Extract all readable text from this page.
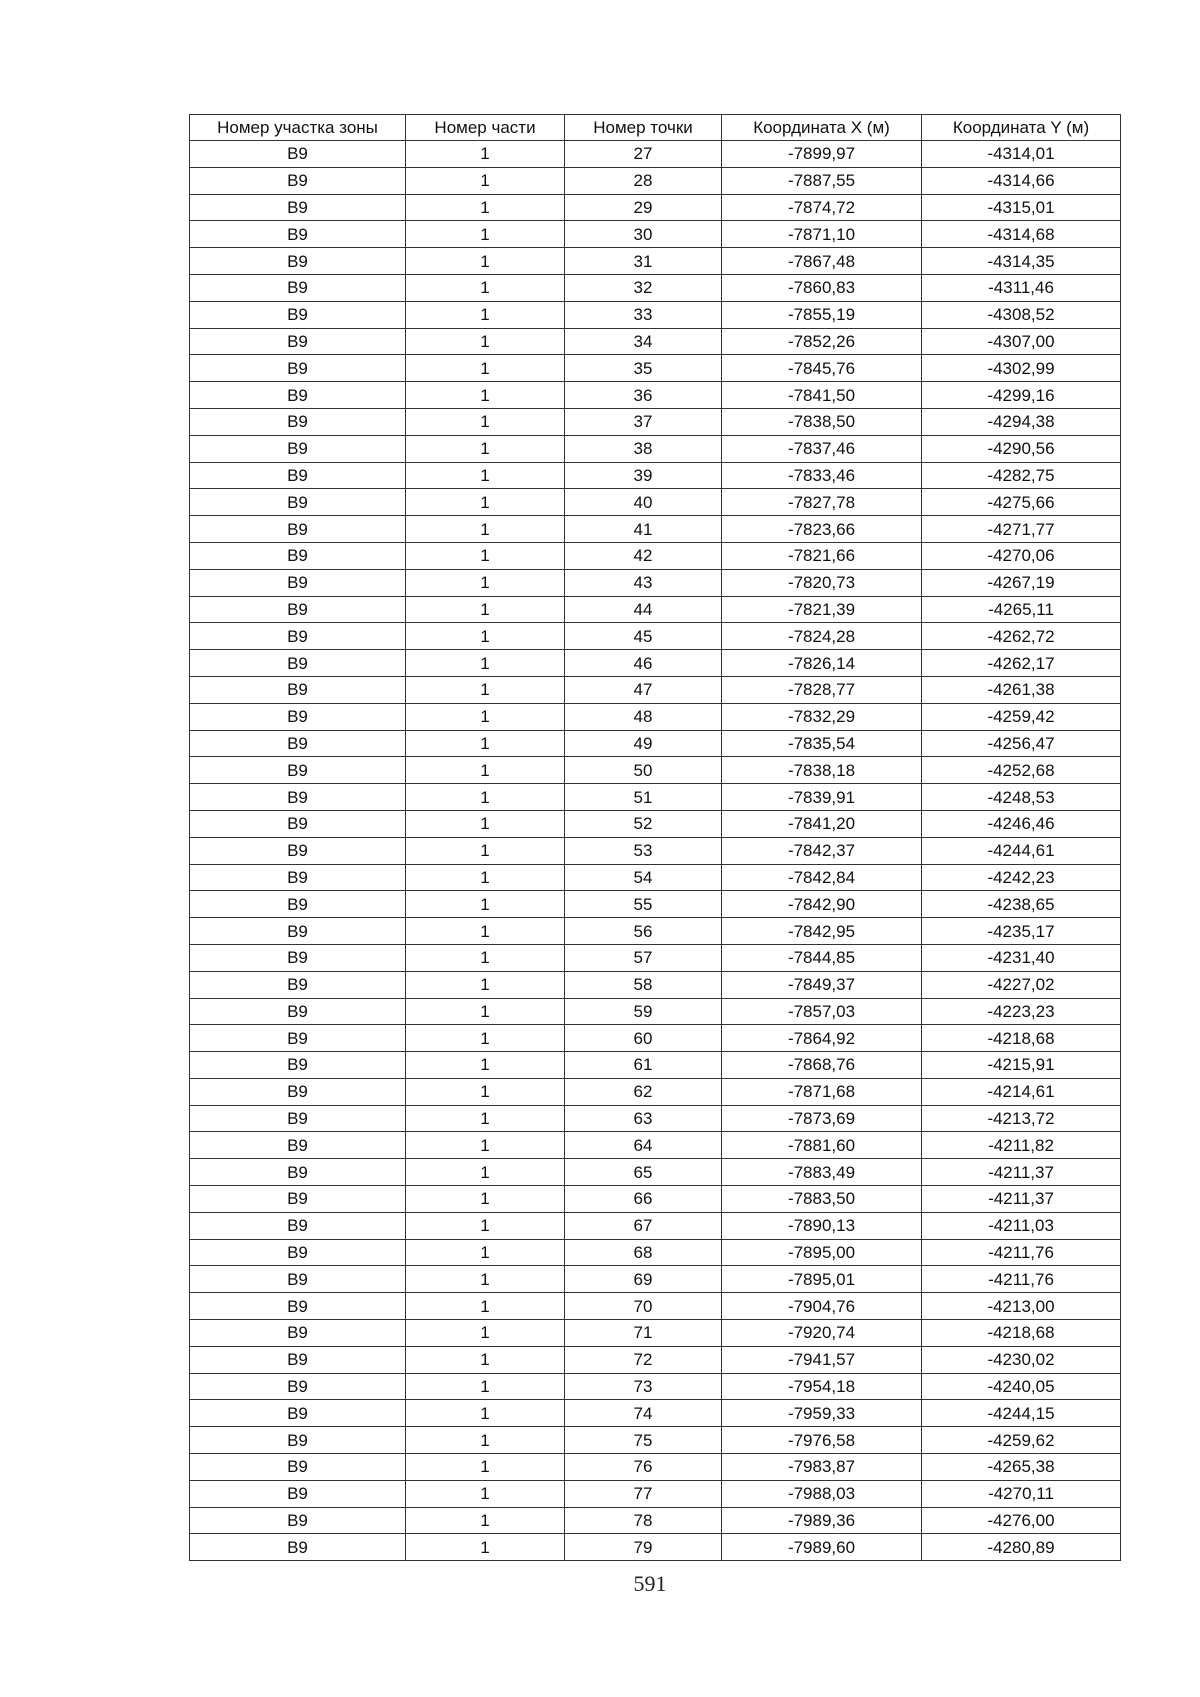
Номер участка зоны	Номер части	Номер точки	Координата X (м)	Координата Y (м)
В9	1	27	-7899,97	-4314,01
В9	1	28	-7887,55	-4314,66
В9	1	29	-7874,72	-4315,01
В9	1	30	-7871,10	-4314,68
В9	1	31	-7867,48	-4314,35
В9	1	32	-7860,83	-4311,46
В9	1	33	-7855,19	-4308,52
В9	1	34	-7852,26	-4307,00
В9	1	35	-7845,76	-4302,99
В9	1	36	-7841,50	-4299,16
В9	1	37	-7838,50	-4294,38
В9	1	38	-7837,46	-4290,56
В9	1	39	-7833,46	-4282,75
В9	1	40	-7827,78	-4275,66
В9	1	41	-7823,66	-4271,77
В9	1	42	-7821,66	-4270,06
В9	1	43	-7820,73	-4267,19
В9	1	44	-7821,39	-4265,11
В9	1	45	-7824,28	-4262,72
В9	1	46	-7826,14	-4262,17
В9	1	47	-7828,77	-4261,38
В9	1	48	-7832,29	-4259,42
В9	1	49	-7835,54	-4256,47
В9	1	50	-7838,18	-4252,68
В9	1	51	-7839,91	-4248,53
В9	1	52	-7841,20	-4246,46
В9	1	53	-7842,37	-4244,61
В9	1	54	-7842,84	-4242,23
В9	1	55	-7842,90	-4238,65
В9	1	56	-7842,95	-4235,17
В9	1	57	-7844,85	-4231,40
В9	1	58	-7849,37	-4227,02
В9	1	59	-7857,03	-4223,23
В9	1	60	-7864,92	-4218,68
В9	1	61	-7868,76	-4215,91
В9	1	62	-7871,68	-4214,61
В9	1	63	-7873,69	-4213,72
В9	1	64	-7881,60	-4211,82
В9	1	65	-7883,49	-4211,37
В9	1	66	-7883,50	-4211,37
В9	1	67	-7890,13	-4211,03
В9	1	68	-7895,00	-4211,76
В9	1	69	-7895,01	-4211,76
В9	1	70	-7904,76	-4213,00
В9	1	71	-7920,74	-4218,68
В9	1	72	-7941,57	-4230,02
В9	1	73	-7954,18	-4240,05
В9	1	74	-7959,33	-4244,15
В9	1	75	-7976,58	-4259,62
В9	1	76	-7983,87	-4265,38
В9	1	77	-7988,03	-4270,11
В9	1	78	-7989,36	-4276,00
В9	1	79	-7989,60	-4280,89
591
